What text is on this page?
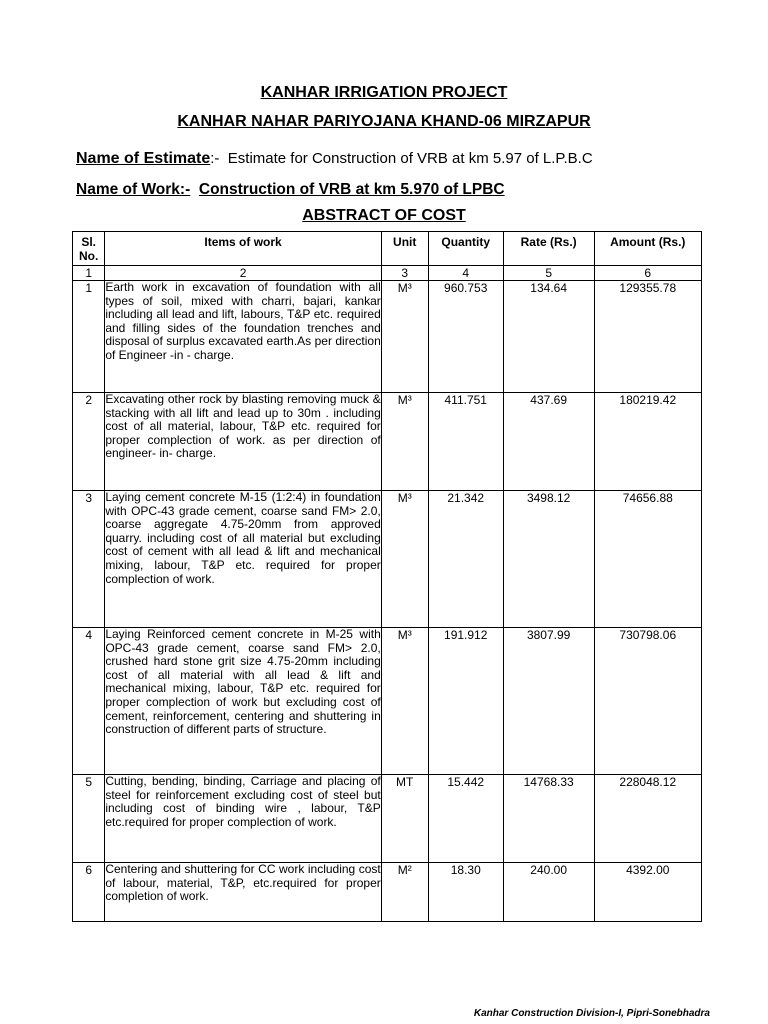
KANHAR IRRIGATION PROJECT
KANHAR NAHAR PARIYOJANA KHAND-06 MIRZAPUR
Name of Estimate:- Estimate for Construction of VRB at km 5.97 of L.P.B.C
Name of Work:- Construction of VRB at km 5.970 of LPBC
ABSTRACT OF COST
Sl. No.	Items of work	Unit	Quantity	Rate (Rs.)	Amount (Rs.)
1	2	3	4	5	6
1	Earth work in excavation of foundation with all types of soil, mixed with charri, bajari, kankar including all lead and lift, labours, T&P etc. required and filling sides of the foundation trenches and disposal of surplus excavated earth.As per direction of Engineer -in - charge.	M³	960.753	134.64	129355.78
2	Excavating other rock by blasting removing muck & stacking with all lift and lead up to 30m . including cost of all material, labour, T&P etc. required for proper complection of work. as per direction of engineer- in- charge.	M³	411.751	437.69	180219.42
3	Laying cement concrete M-15 (1:2:4) in foundation with OPC-43 grade cement, coarse sand FM> 2.0, coarse aggregate 4.75-20mm from approved quarry. including cost of all material but excluding cost of cement with all lead & lift and mechanical mixing, labour, T&P etc. required for proper complection of work.	M³	21.342	3498.12	74656.88
4	Laying Reinforced cement concrete in M-25 with OPC-43 grade cement, coarse sand FM> 2.0, crushed hard stone grit size 4.75-20mm including cost of all material with all lead & lift and mechanical mixing, labour, T&P etc. required for proper complection of work but excluding cost of cement, reinforcement, centering and shuttering in construction of different parts of structure.	M³	191.912	3807.99	730798.06
5	Cutting, bending, binding, Carriage and placing of steel for reinforcement excluding cost of steel but including cost of binding wire , labour, T&P etc.required for proper complection of work.	MT	15.442	14768.33	228048.12
6	Centering and shuttering for CC work including cost of labour, material, T&P, etc.required for proper completion of work.	M²	18.30	240.00	4392.00
Kanhar Construction Division-I, Pipri-Sonebhadra
